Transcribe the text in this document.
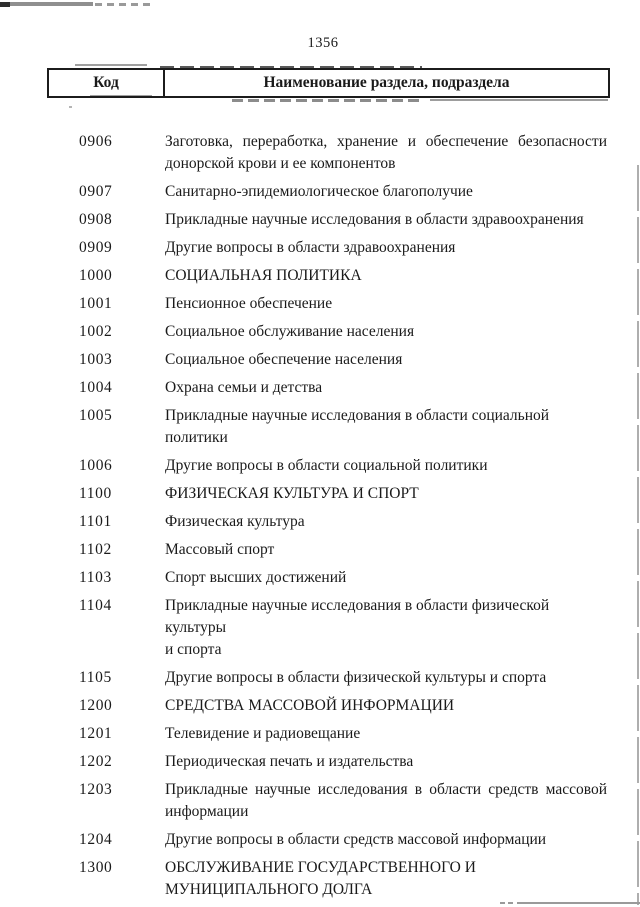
1356
Код	Наименование раздела, подраздела
0906	Заготовка, переработка, хранение и обеспечение безопасности
донорской крови и ее компонентов
0907	Санитарно-эпидемиологическое благополучие
0908	Прикладные научные исследования в области здравоохранения
0909	Другие вопросы в области здравоохранения
1000	СОЦИАЛЬНАЯ ПОЛИТИКА
1001	Пенсионное обеспечение
1002	Социальное обслуживание населения
1003	Социальное обеспечение населения
1004	Охрана семьи и детства
1005	Прикладные научные исследования в области социальной политики
1006	Другие вопросы в области социальной политики
1100	ФИЗИЧЕСКАЯ КУЛЬТУРА И СПОРТ
1101	Физическая культура
1102	Массовый спорт
1103	Спорт высших достижений
1104	Прикладные научные исследования в области физической культуры
и спорта
1105	Другие вопросы в области физической культуры и спорта
1200	СРЕДСТВА МАССОВОЙ ИНФОРМАЦИИ
1201	Телевидение и радиовещание
1202	Периодическая печать и издательства
1203	Прикладные научные исследования в области средств массовой
информации
1204	Другие вопросы в области средств массовой информации
1300	ОБСЛУЖИВАНИЕ ГОСУДАРСТВЕННОГО И
МУНИЦИПАЛЬНОГО ДОЛГА
